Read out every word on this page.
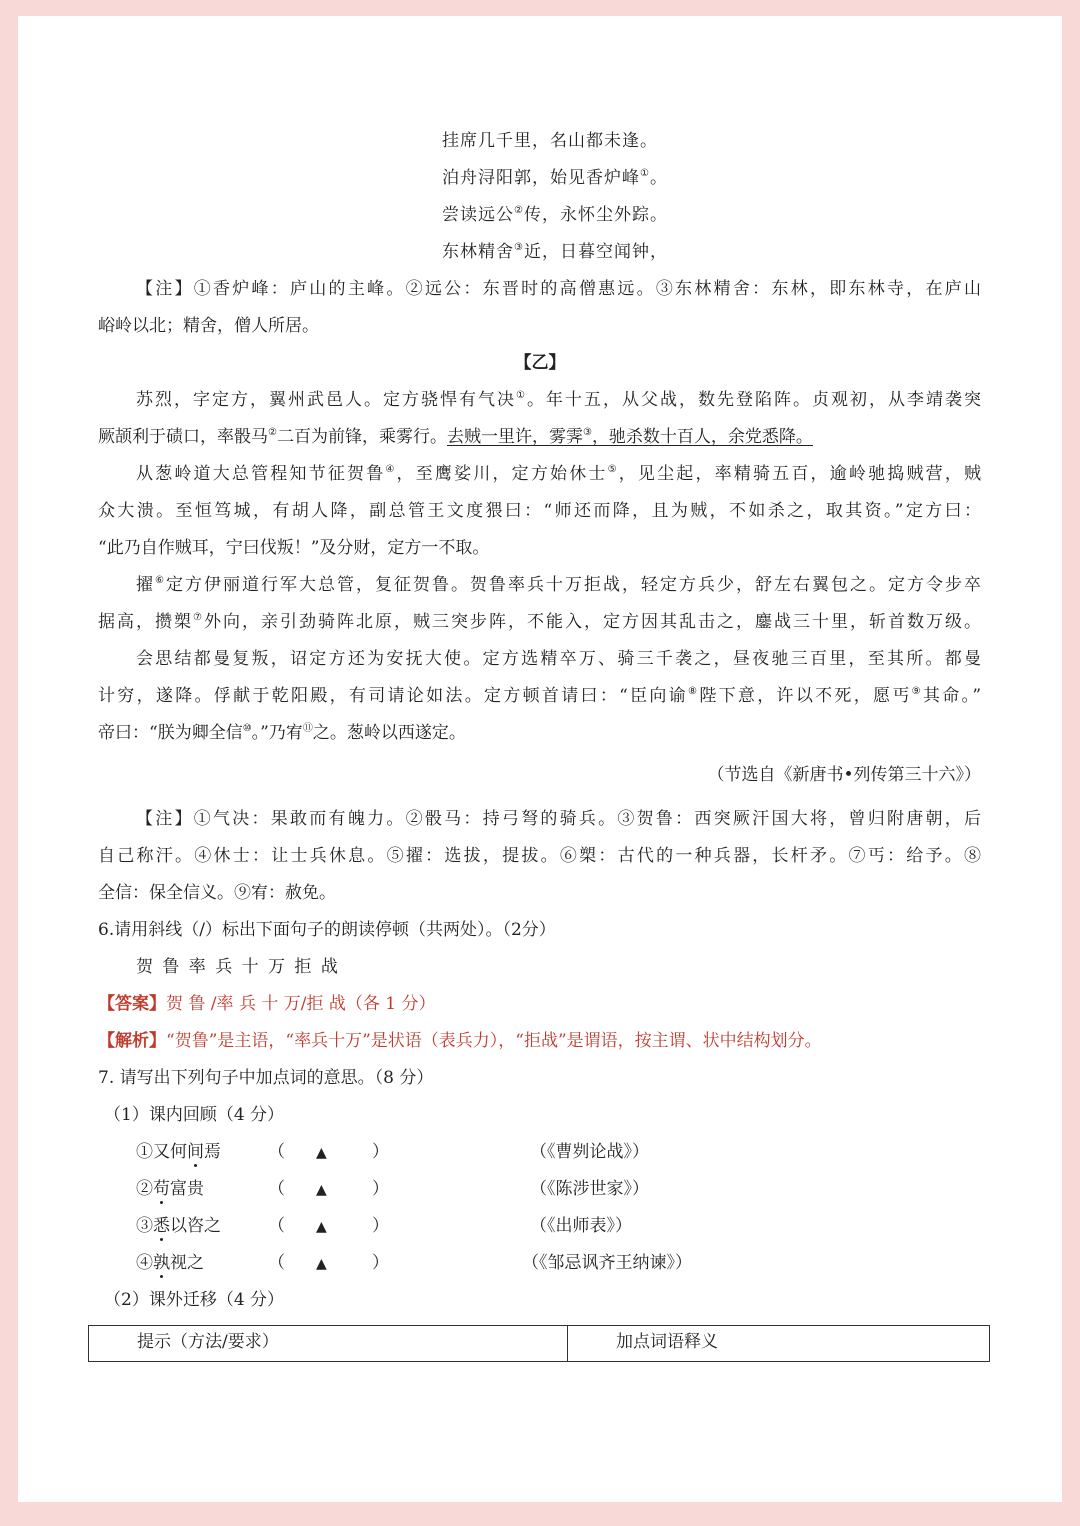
挂席几千里，名山都未逢。
泊舟浔阳郭，始见香炉峰①。
尝读远公②传，永怀尘外踪。
东林精舍③近，日暮空闻钟，
【注】①香炉峰：庐山的主峰。②远公：东晋时的高僧惠远。③东林精舍：东林，即东林寺，在庐山
峪岭以北；精舍，僧人所居。
【乙】
苏烈，字定方，翼州武邑人。定方骁悍有气决①。年十五，从父战，数先登陷阵。贞观初，从李靖袭突
厥颉利于碛口，率骰马②二百为前锋，乘雾行。去贼一里许，雾霁③，驰杀数十百人，余党悉降。
从葱岭道大总管程知节征贺鲁④，至鹰娑川，定方始休士⑤，见尘起，率精骑五百，逾岭驰捣贼营，贼
众大溃。至恒笃城，有胡人降，副总管王文度猥曰：“师还而降，且为贼，不如杀之，取其资。”定方曰：
“此乃自作贼耳，宁曰伐叛！”及分财，定方一不取。
擢⑥定方伊丽道行军大总管，复征贺鲁。贺鲁率兵十万拒战，轻定方兵少，舒左右翼包之。定方令步卒
据高，攒槊⑦外向，亲引劲骑阵北原，贼三突步阵，不能入，定方因其乱击之，鏖战三十里，斩首数万级。
会思结都曼复叛，诏定方还为安抚大使。定方选精卒万、骑三千袭之，昼夜驰三百里，至其所。都曼
计穷，遂降。俘献于乾阳殿，有司请论如法。定方顿首请曰：“臣向谕⑧陛下意，许以不死，愿丐⑨其命。”
帝曰：“朕为卿全信⑩。”乃宥⑪之。葱岭以西遂定。
（节选自《新唐书•列传第三十六》）
【注】①气决：果敢而有魄力。②骰马：持弓弩的骑兵。③贺鲁：西突厥汗国大将，曾归附唐朝，后
自己称汗。④休士：让士兵休息。⑤擢：选拔，提拔。⑥槊：古代的一种兵器，长杆矛。⑦丐：给予。⑧
全信：保全信义。⑨宥：赦免。
6.请用斜线（/）标出下面句子的朗读停顿（共两处）。（2分）
贺 鲁 率 兵 十 万 拒 战
【答案】贺 鲁 /率 兵 十 万/拒 战（各 1 分）
【解析】“贺鲁”是主语，“率兵十万”是状语（表兵力），“拒战”是谓语，按主谓、状中结构划分。
7. 请写出下列句子中加点词的意思。（8 分）
（1）课内回顾（4 分）
①又何间焉	（ ▲	）	（《曹刿论战》）
②苟富贵	（ ▲	）	（《陈涉世家》）
③悉以咨之	（ ▲	）	（《出师表》）
④孰视之	（ ▲	）	（《邹忌讽齐王纳谏》）
（2）课外迁移（4 分）
提示（方法/要求）	加点词语释义
